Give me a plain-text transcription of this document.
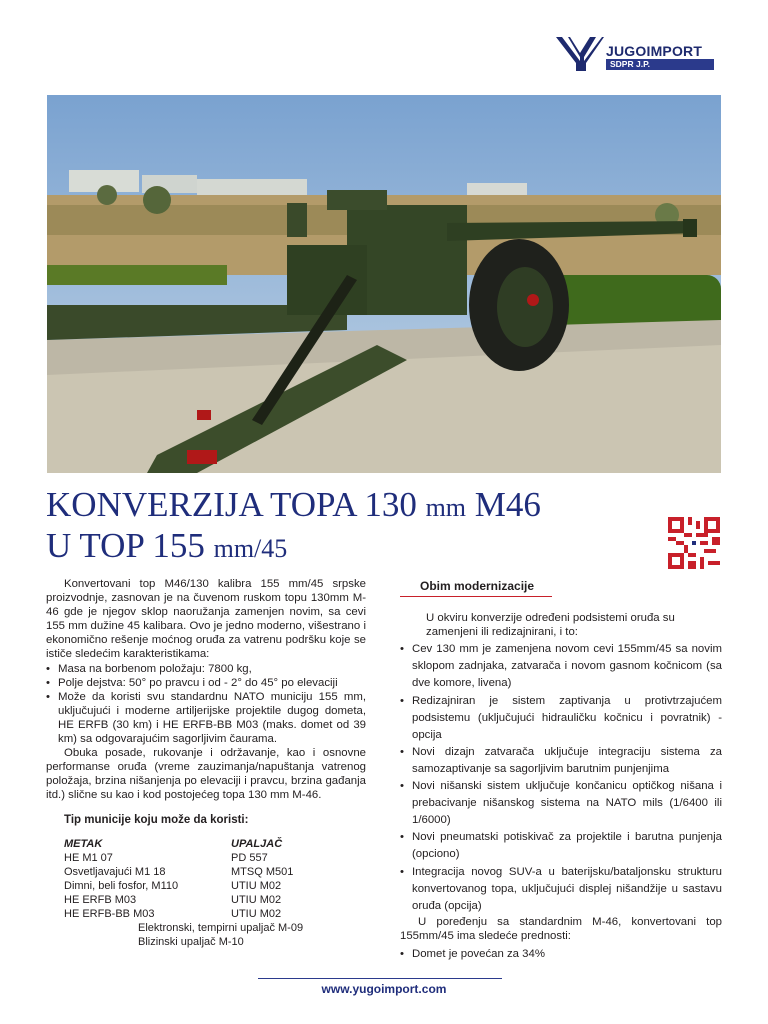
JUGOIMPORT
SDPR J.P.
KONVERZIJA TOPA 130 mm M46
U TOP 155 mm/45

Konvertovani top M46/130 kalibra 155 mm/45 srpske proizvodnje, zasnovan je na čuvenom ruskom topu 130mm M-46 gde je njegov sklop naoružanja zamenjen novim, sa cevi 155 mm dužine 45 kalibara. Ovo je jedno moderno, višestrano i ekonomično rešenje moćnog oruđa za vatrenu podršku koje se ističe sledećim karakteristikama:

• Masa na borbenom položaju: 7800 kg,
• Polje dejstva: 50° po pravcu i od - 2° do 45° po elevaciji
• Može da koristi svu standardnu NATO municiju 155 mm, uključujući i moderne artiljerijske projektile dugog dometa, HE ERFB (30 km) i HE ERFB-BB M03 (maks. domet od 39 km) sa odgovarajućim sagorljivim čaurama.

Obuka posade, rukovanje i održavanje, kao i osnovne performanse oruđa (vreme zauzimanja/napuštanja vatrenog položaja, brzina nišanjenja po elevaciji i pravcu, brzina gađanja itd.) slične su kao i kod postojećeg topa 130 mm M-46.

Tip municije koju može da koristi:
METAK	UPALJAČ
HE M1 07	PD 557
Osvetljavajući M1 18	MTSQ M501
Dimni, beli fosfor, M110	UTIU M02
HE ERFB M03	UTIU M02
HE ERFB-BB M03	UTIU M02
Elektronski, tempirni upaljač M-09
Blizinski upaljač M-10
Obim modernizacije

U okviru konverzije određeni podsistemi oruđa su zamenjeni ili redizajnirani, i to:

• Cev 130 mm je zamenjena novom cevi 155mm/45 sa novim sklopom zadnjaka, zatvarača i novom gasnom kočnicom (sa dve komore, livena)
• Redizajniran je sistem zaptivanja u protivtrzajućem podsistemu (uključujući hidrauličku kočnicu i povratnik) - opcija
• Novi dizajn zatvarača uključuje integraciju sistema za samozaptivanje sa sagorljivim barutnim punjenjima
• Novi nišanski sistem uključuje končanicu optičkog nišana i prebacivanje nišanskog sistema na NATO mils (1/6400 ili 1/6000)
• Novi pneumatski potiskivač za projektile i barutna punjenja (opciono)
• Integracija novog SUV-a u baterijsku/bataljonsku strukturu konvertovanog topa, uključujući displej nišandžije u sastavu oruđa (opcija)

U poređenju sa standardnim M-46, konvertovani top 155mm/45 ima sledeće prednosti:

• Domet je povećan za 34%
www.yugoimport.com
